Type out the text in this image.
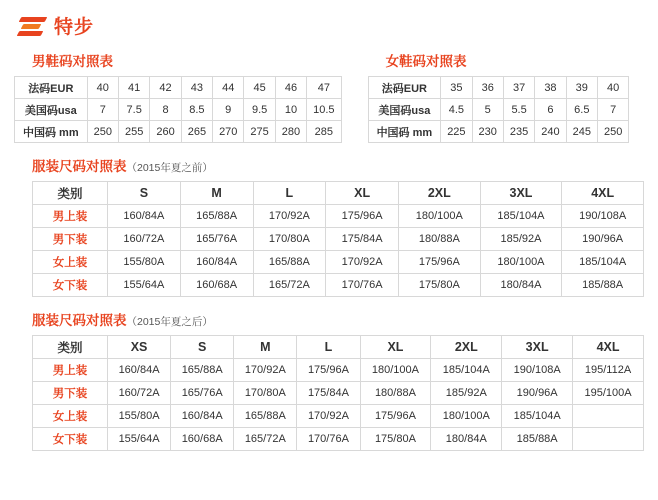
特步
男鞋码对照表
法码EUR	40	41	42	43	44	45	46	47
美国码usa	7	7.5	8	8.5	9	9.5	10	10.5
中国码 mm	250	255	260	265	270	275	280	285
女鞋码对照表
法码EUR	35	36	37	38	39	40
美国码usa	4.5	5	5.5	6	6.5	7
中国码 mm	225	230	235	240	245	250
服装尺码对照表（2015年夏之前）
类别	S	M	L	XL	2XL	3XL	4XL
男上装	160/84A	165/88A	170/92A	175/96A	180/100A	185/104A	190/108A
男下装	160/72A	165/76A	170/80A	175/84A	180/88A	185/92A	190/96A
女上装	155/80A	160/84A	165/88A	170/92A	175/96A	180/100A	185/104A
女下装	155/64A	160/68A	165/72A	170/76A	175/80A	180/84A	185/88A
服装尺码对照表（2015年夏之后）
类别	XS	S	M	L	XL	2XL	3XL	4XL
男上装	160/84A	165/88A	170/92A	175/96A	180/100A	185/104A	190/108A	195/112A
男下装	160/72A	165/76A	170/80A	175/84A	180/88A	185/92A	190/96A	195/100A
女上装	155/80A	160/84A	165/88A	170/92A	175/96A	180/100A	185/104A	
女下装	155/64A	160/68A	165/72A	170/76A	175/80A	180/84A	185/88A	
